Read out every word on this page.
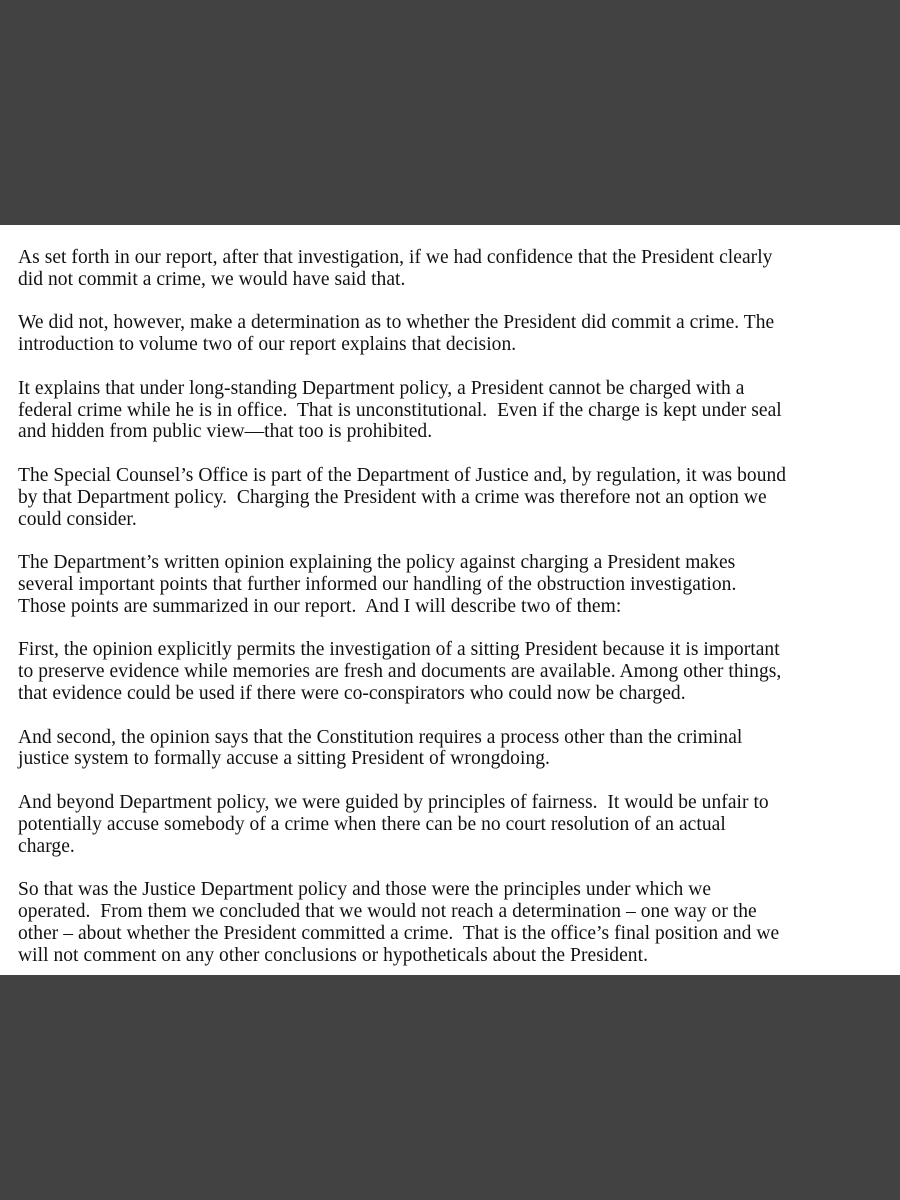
As set forth in our report, after that investigation, if we had confidence that the President clearly
did not commit a crime, we would have said that.

We did not, however, make a determination as to whether the President did commit a crime. The
introduction to volume two of our report explains that decision.

It explains that under long-standing Department policy, a President cannot be charged with a
federal crime while he is in office.  That is unconstitutional.  Even if the charge is kept under seal
and hidden from public view—that too is prohibited.

The Special Counsel’s Office is part of the Department of Justice and, by regulation, it was bound
by that Department policy.  Charging the President with a crime was therefore not an option we
could consider.

The Department’s written opinion explaining the policy against charging a President makes
several important points that further informed our handling of the obstruction investigation.
Those points are summarized in our report.  And I will describe two of them:

First, the opinion explicitly permits the investigation of a sitting President because it is important
to preserve evidence while memories are fresh and documents are available. Among other things,
that evidence could be used if there were co-conspirators who could now be charged.

And second, the opinion says that the Constitution requires a process other than the criminal
justice system to formally accuse a sitting President of wrongdoing.

And beyond Department policy, we were guided by principles of fairness.  It would be unfair to
potentially accuse somebody of a crime when there can be no court resolution of an actual
charge.

So that was the Justice Department policy and those were the principles under which we
operated.  From them we concluded that we would not reach a determination – one way or the
other – about whether the President committed a crime.  That is the office’s final position and we
will not comment on any other conclusions or hypotheticals about the President.
